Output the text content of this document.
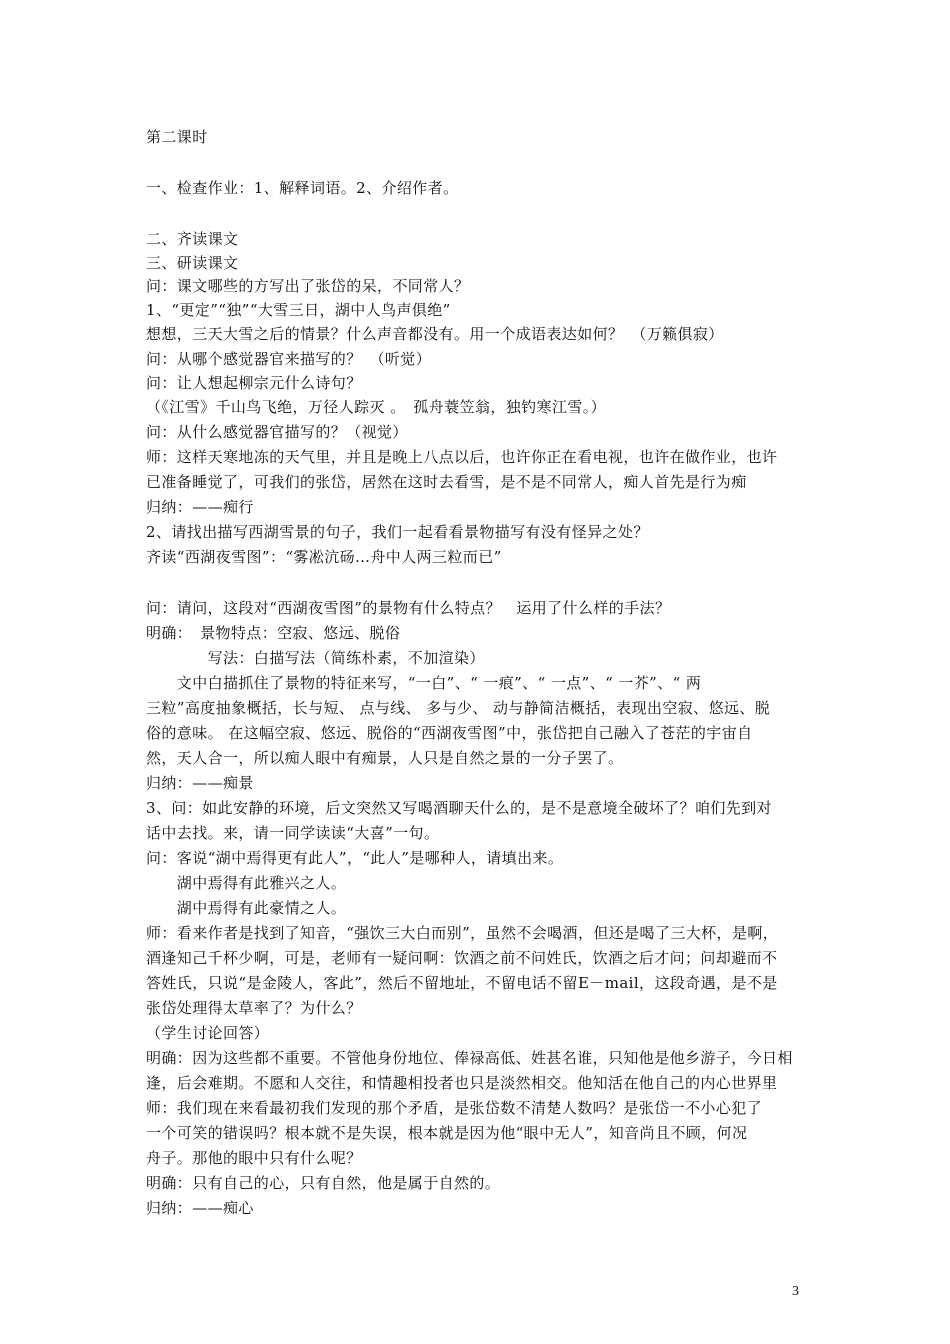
第二课时
一、检查作业：1、解释词语。2、介绍作者。
二、齐读课文
三、研读课文
问：课文哪些的方写出了张岱的呆，不同常人？
1、“更定”“独”“大雪三日，湖中人鸟声俱绝”
想想，三天大雪之后的情景？什么声音都没有。用一个成语表达如何？　（万籁俱寂）
问：从哪个感觉器官来描写的？　（听觉）
问：让人想起柳宗元什么诗句？
（《江雪》千山鸟飞绝，万径人踪灭 。　孤舟蓑笠翁，独钓寒江雪。）
问：从什么感觉器官描写的？（视觉）
师：这样天寒地冻的天气里，并且是晚上八点以后，也许你正在看电视，也许在做作业，也许
已准备睡觉了，可我们的张岱，居然在这时去看雪，是不是不同常人，痴人首先是行为痴
归纳：——痴行
2、请找出描写西湖雪景的句子，我们一起看看景物描写有没有怪异之处？
齐读“西湖夜雪图”：“雾凇沆砀…舟中人两三粒而已”
问：请问，这段对“西湖夜雪图”的景物有什么特点？　运用了什么样的手法？
明确：　景物特点：空寂、悠远、脱俗
　　　　写法：白描写法（简练朴素，不加渲染）
　　文中白描抓住了景物的特征来写，“一白”、“ 一痕”、“ 一点”、“ 一芥”、“ 两
三粒”高度抽象概括，长与短、 点与线、 多与少、 动与静简洁概括，表现出空寂、悠远、脱
俗的意味。 在这幅空寂、悠远、脱俗的“西湖夜雪图”中，张岱把自己融入了苍茫的宇宙自
然，天人合一，所以痴人眼中有痴景，人只是自然之景的一分子罢了。
归纳：——痴景
3、问：如此安静的环境，后文突然又写喝酒聊天什么的，是不是意境全破坏了？咱们先到对
话中去找。来，请一同学读读“大喜”一句。
问：客说“湖中焉得更有此人”，“此人”是哪种人，请填出来。
　　湖中焉得有此雅兴之人。
　　湖中焉得有此豪情之人。
师：看来作者是找到了知音，“强饮三大白而别”，虽然不会喝酒，但还是喝了三大杯，是啊，
酒逢知己千杯少啊，可是，老师有一疑问啊：饮酒之前不问姓氏，饮酒之后才问；问却避而不
答姓氏，只说“是金陵人，客此”，然后不留地址，不留电话不留E－mail，这段奇遇，是不是
张岱处理得太草率了？为什么？
（学生讨论回答）
明确：因为这些都不重要。不管他身份地位、俸禄高低、姓甚名谁，只知他是他乡游子，今日相
逢，后会难期。不愿和人交往，和情趣相投者也只是淡然相交。他知活在他自己的内心世界里
师：我们现在来看最初我们发现的那个矛盾，是张岱数不清楚人数吗？是张岱一不小心犯了
一个可笑的错误吗？根本就不是失误，根本就是因为他“眼中无人”，知音尚且不顾，何况
舟子。那他的眼中只有什么呢？
明确：只有自己的心，只有自然，他是属于自然的。
归纳：——痴心
3
